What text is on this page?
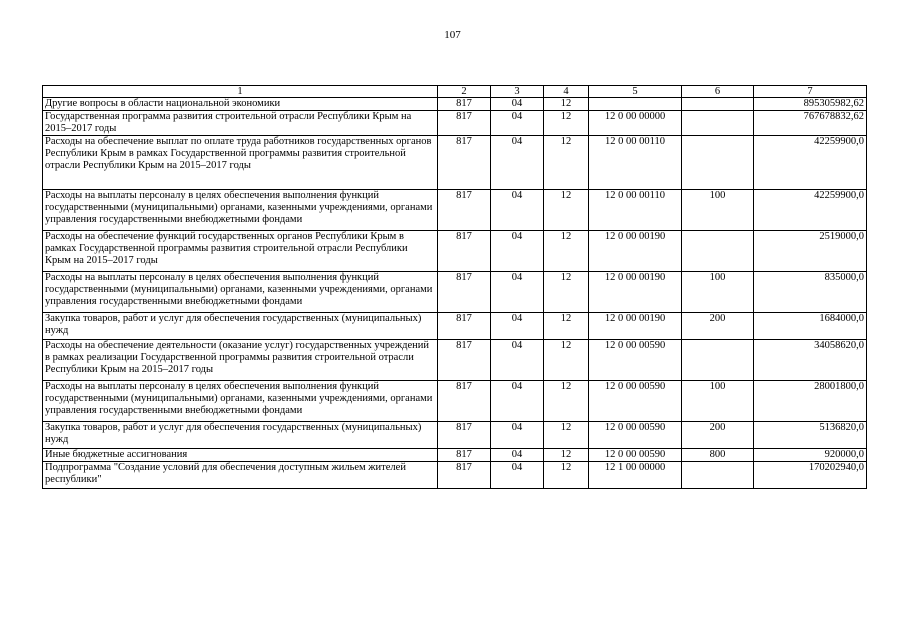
107
1	2	3	4	5	6	7
Другие вопросы в области национальной экономики	817	04	12			895305982,62
Государственная программа развития строительной отрасли Республики Крым на 2015–2017 годы	817	04	12	12 0 00 00000		767678832,62
Расходы на обеспечение выплат по оплате труда работников государственных органов Республики Крым в рамках Государственной программы развития строительной отрасли Республики Крым на 2015–2017 годы	817	04	12	12 0 00 00110		42259900,0
Расходы на выплаты персоналу в целях обеспечения выполнения функций государственными (муниципальными) органами, казенными учреждениями, органами управления государственными внебюджетными фондами	817	04	12	12 0 00 00110	100	42259900,0
Расходы на обеспечение функций государственных органов Республики Крым в рамках Государственной программы развития строительной отрасли Республики Крым на 2015–2017 годы	817	04	12	12 0 00 00190		2519000,0
Расходы на выплаты персоналу в целях обеспечения выполнения функций государственными (муниципальными) органами, казенными учреждениями, органами управления государственными внебюджетными фондами	817	04	12	12 0 00 00190	100	835000,0
Закупка товаров, работ и услуг для обеспечения государственных (муниципальных) нужд	817	04	12	12 0 00 00190	200	1684000,0
Расходы на обеспечение деятельности (оказание услуг) государственных учреждений в рамках реализации Государственной программы развития строительной отрасли Республики Крым на 2015–2017 годы	817	04	12	12 0 00 00590		34058620,0
Расходы на выплаты персоналу в целях обеспечения выполнения функций государственными (муниципальными) органами, казенными учреждениями, органами управления государственными внебюджетными фондами	817	04	12	12 0 00 00590	100	28001800,0
Закупка товаров, работ и услуг для обеспечения государственных (муниципальных) нужд	817	04	12	12 0 00 00590	200	5136820,0
Иные бюджетные ассигнования	817	04	12	12 0 00 00590	800	920000,0
Подпрограмма "Создание условий для обеспечения доступным жильем жителей республики"	817	04	12	12 1 00 00000		170202940,0
